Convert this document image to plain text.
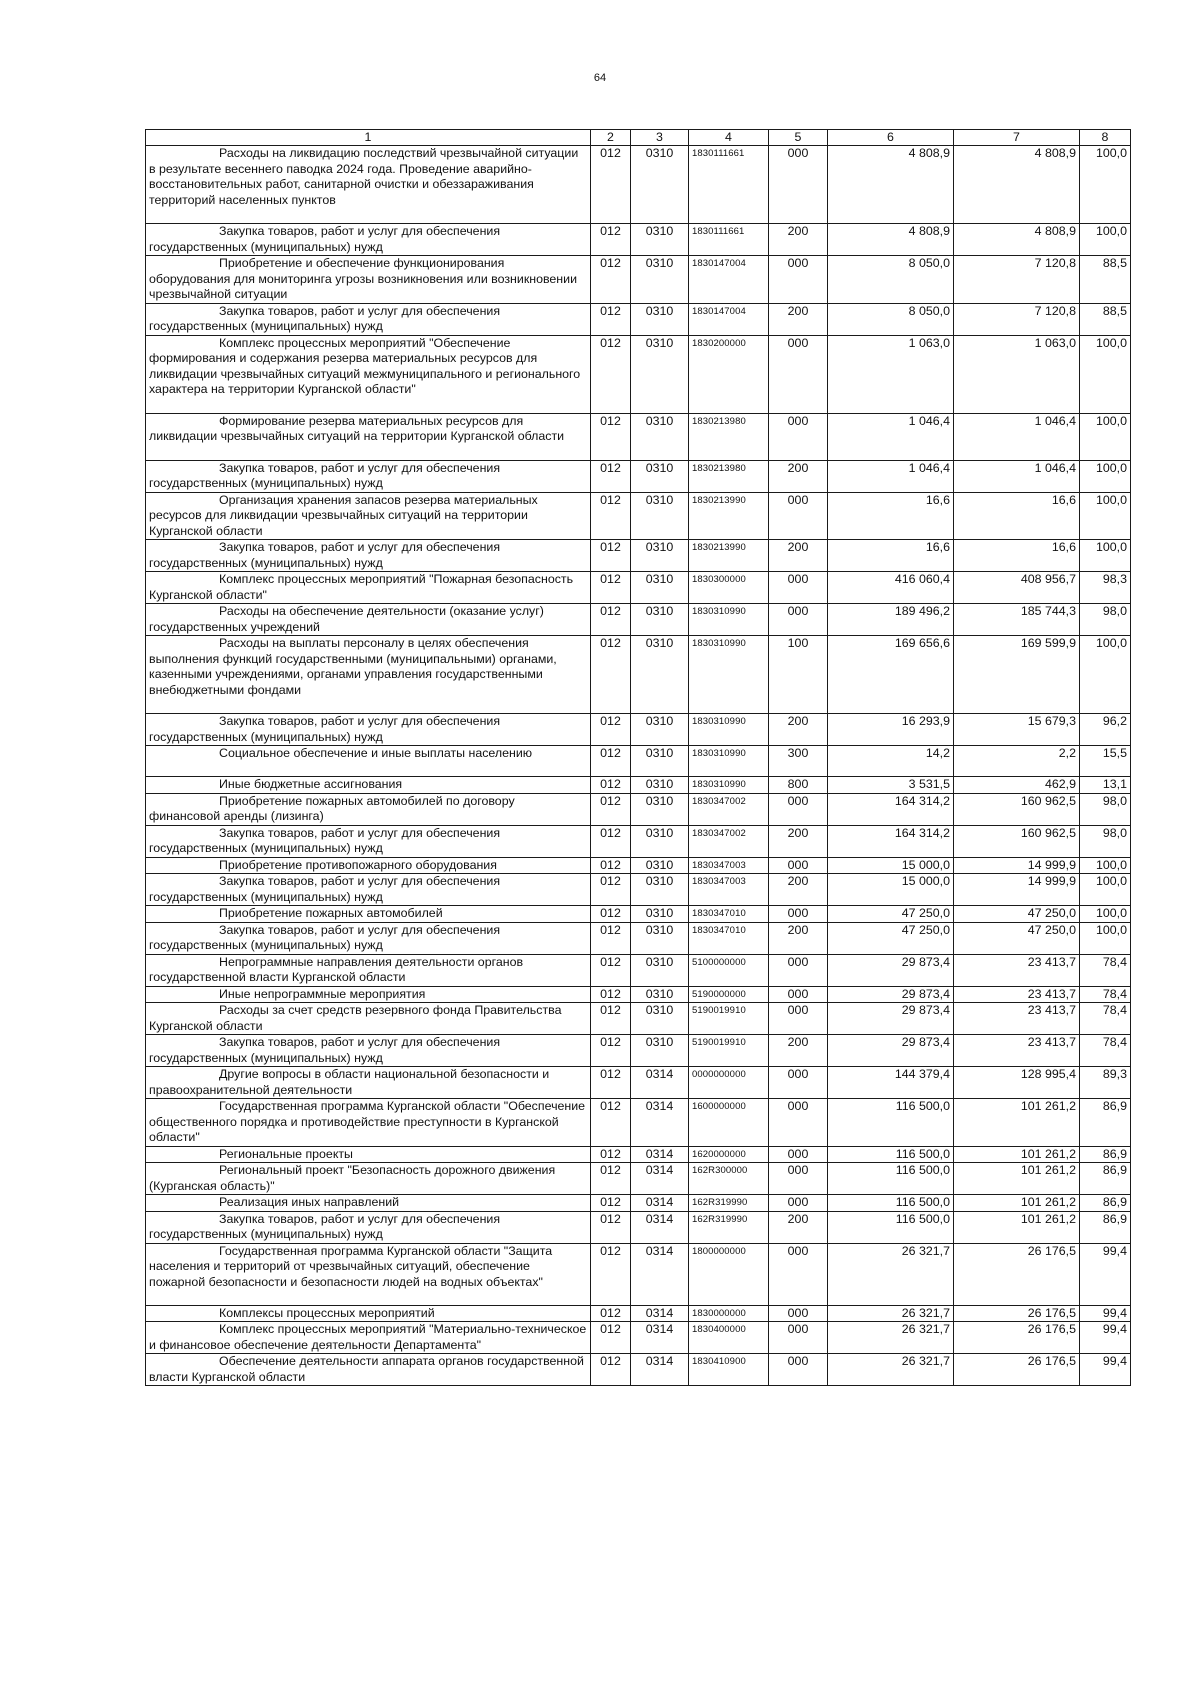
64
1	2	3	4	5	6	7	8
Расходы на ликвидацию последствий чрезвычайной ситуации в результате весеннего паводка 2024 года. Проведение аварийно-восстановительных работ, санитарной очистки и обеззараживания территорий населенных пунктов	012	0310	1830111661	000	4 808,9	4 808,9	100,0
Закупка товаров, работ и услуг для обеспечения государственных (муниципальных) нужд	012	0310	1830111661	200	4 808,9	4 808,9	100,0
Приобретение и обеспечение функционирования оборудования для мониторинга угрозы возникновения или возникновении чрезвычайной ситуации	012	0310	1830147004	000	8 050,0	7 120,8	88,5
Закупка товаров, работ и услуг для обеспечения государственных (муниципальных) нужд	012	0310	1830147004	200	8 050,0	7 120,8	88,5
Комплекс процессных мероприятий "Обеспечение формирования и содержания резерва материальных ресурсов для ликвидации чрезвычайных ситуаций межмуниципального и регионального характера на территории Курганской области"	012	0310	1830200000	000	1 063,0	1 063,0	100,0
Формирование резерва материальных ресурсов для ликвидации чрезвычайных ситуаций на территории Курганской области	012	0310	1830213980	000	1 046,4	1 046,4	100,0
Закупка товаров, работ и услуг для обеспечения государственных (муниципальных) нужд	012	0310	1830213980	200	1 046,4	1 046,4	100,0
Организация хранения запасов резерва материальных ресурсов для ликвидации чрезвычайных ситуаций на территории Курганской области	012	0310	1830213990	000	16,6	16,6	100,0
Закупка товаров, работ и услуг для обеспечения государственных (муниципальных) нужд	012	0310	1830213990	200	16,6	16,6	100,0
Комплекс процессных мероприятий "Пожарная безопасность Курганской области"	012	0310	1830300000	000	416 060,4	408 956,7	98,3
Расходы на обеспечение деятельности (оказание услуг) государственных учреждений	012	0310	1830310990	000	189 496,2	185 744,3	98,0
Расходы на выплаты персоналу в целях обеспечения выполнения функций государственными (муниципальными) органами, казенными учреждениями, органами управления государственными внебюджетными фондами	012	0310	1830310990	100	169 656,6	169 599,9	100,0
Закупка товаров, работ и услуг для обеспечения государственных (муниципальных) нужд	012	0310	1830310990	200	16 293,9	15 679,3	96,2
Социальное обеспечение и иные выплаты населению	012	0310	1830310990	300	14,2	2,2	15,5
Иные бюджетные ассигнования	012	0310	1830310990	800	3 531,5	462,9	13,1
Приобретение пожарных автомобилей по договору финансовой аренды (лизинга)	012	0310	1830347002	000	164 314,2	160 962,5	98,0
Закупка товаров, работ и услуг для обеспечения государственных (муниципальных) нужд	012	0310	1830347002	200	164 314,2	160 962,5	98,0
Приобретение противопожарного оборудования	012	0310	1830347003	000	15 000,0	14 999,9	100,0
Закупка товаров, работ и услуг для обеспечения государственных (муниципальных) нужд	012	0310	1830347003	200	15 000,0	14 999,9	100,0
Приобретение пожарных автомобилей	012	0310	1830347010	000	47 250,0	47 250,0	100,0
Закупка товаров, работ и услуг для обеспечения государственных (муниципальных) нужд	012	0310	1830347010	200	47 250,0	47 250,0	100,0
Непрограммные направления деятельности органов государственной власти Курганской области	012	0310	5100000000	000	29 873,4	23 413,7	78,4
Иные непрограммные мероприятия	012	0310	5190000000	000	29 873,4	23 413,7	78,4
Расходы за счет средств резервного фонда Правительства Курганской области	012	0310	5190019910	000	29 873,4	23 413,7	78,4
Закупка товаров, работ и услуг для обеспечения государственных (муниципальных) нужд	012	0310	5190019910	200	29 873,4	23 413,7	78,4
Другие вопросы в области национальной безопасности и правоохранительной деятельности	012	0314	0000000000	000	144 379,4	128 995,4	89,3
Государственная программа Курганской области "Обеспечение общественного порядка и противодействие преступности в Курганской области"	012	0314	1600000000	000	116 500,0	101 261,2	86,9
Региональные проекты	012	0314	1620000000	000	116 500,0	101 261,2	86,9
Региональный проект "Безопасность дорожного движения (Курганская область)"	012	0314	162R300000	000	116 500,0	101 261,2	86,9
Реализация иных направлений	012	0314	162R319990	000	116 500,0	101 261,2	86,9
Закупка товаров, работ и услуг для обеспечения государственных (муниципальных) нужд	012	0314	162R319990	200	116 500,0	101 261,2	86,9
Государственная программа Курганской области "Защита населения и территорий от чрезвычайных ситуаций, обеспечение пожарной безопасности и безопасности людей на водных объектах"	012	0314	1800000000	000	26 321,7	26 176,5	99,4
Комплексы процессных мероприятий	012	0314	1830000000	000	26 321,7	26 176,5	99,4
Комплекс процессных мероприятий "Материально-техническое и финансовое обеспечение деятельности Департамента"	012	0314	1830400000	000	26 321,7	26 176,5	99,4
Обеспечение деятельности аппарата органов государственной власти Курганской области	012	0314	1830410900	000	26 321,7	26 176,5	99,4
